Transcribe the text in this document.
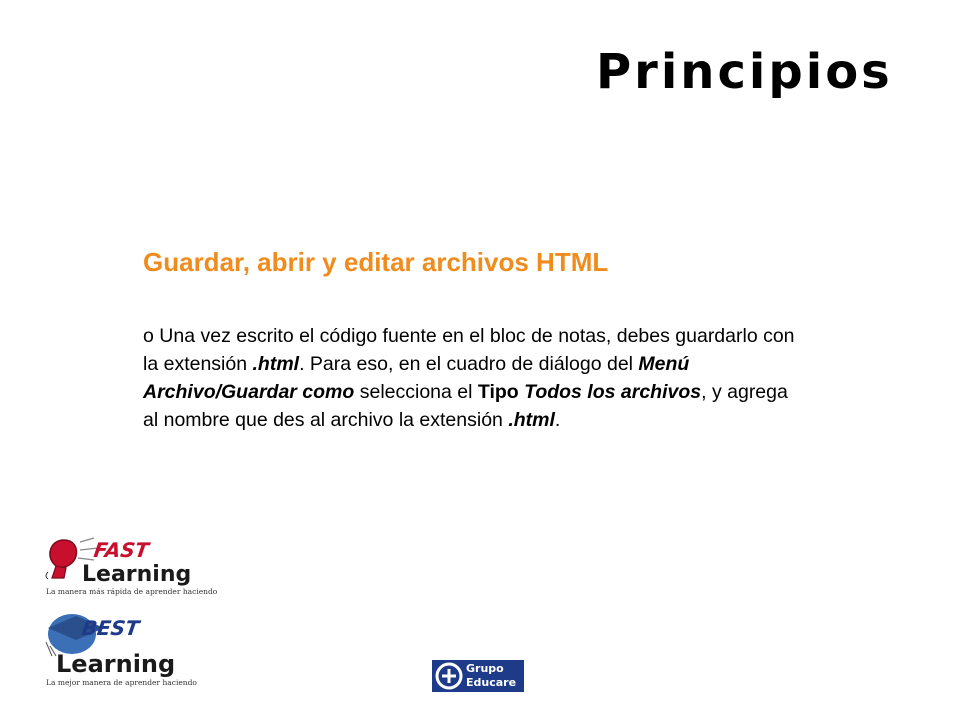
Principios
Guardar, abrir y editar archivos HTML

o Una vez escrito el código fuente en el bloc de notas, debes guardarlo con la extensión .html. Para eso, en el cuadro de diálogo del Menú Archivo/Guardar como selecciona el Tipo Todos los archivos, y agrega al nombre que des al archivo la extensión .html.

FAST
Learning
La manera más rápida de aprender haciendo
BEST
Learning
La mejor manera de aprender haciendo
Grupo
Educare
